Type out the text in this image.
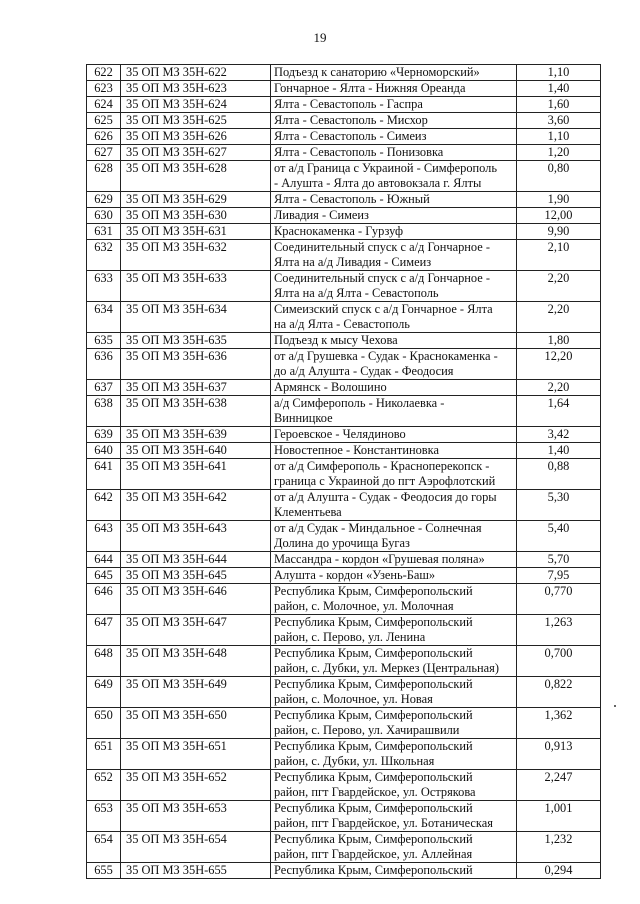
19
622	35 ОП МЗ 35Н-622	Подъезд к санаторию «Черноморский»	1,10
623	35 ОП МЗ 35Н-623	Гончарное - Ялта - Нижняя Ореанда	1,40
624	35 ОП МЗ 35Н-624	Ялта - Севастополь - Гаспра	1,60
625	35 ОП МЗ 35Н-625	Ялта - Севастополь - Мисхор	3,60
626	35 ОП МЗ 35Н-626	Ялта - Севастополь - Симеиз	1,10
627	35 ОП МЗ 35Н-627	Ялта - Севастополь - Понизовка	1,20
628	35 ОП МЗ 35Н-628	от а/д Граница с Украиной - Симферополь
- Алушта - Ялта до автовокзала г. Ялты	0,80
629	35 ОП МЗ 35Н-629	Ялта - Севастополь - Южный	1,90
630	35 ОП МЗ 35Н-630	Ливадия - Симеиз	12,00
631	35 ОП МЗ 35Н-631	Краснокаменка - Гурзуф	9,90
632	35 ОП МЗ 35Н-632	Соединительный спуск с а/д Гончарное -
Ялта на а/д Ливадия - Симеиз	2,10
633	35 ОП МЗ 35Н-633	Соединительный спуск с а/д Гончарное -
Ялта на а/д Ялта - Севастополь	2,20
634	35 ОП МЗ 35Н-634	Симеизский спуск с а/д Гончарное - Ялта
на а/д Ялта - Севастополь	2,20
635	35 ОП МЗ 35Н-635	Подъезд к мысу Чехова	1,80
636	35 ОП МЗ 35Н-636	от а/д Грушевка - Судак - Краснокаменка -
до а/д Алушта - Судак - Феодосия	12,20
637	35 ОП МЗ 35Н-637	Армянск - Волошино	2,20
638	35 ОП МЗ 35Н-638	а/д Симферополь - Николаевка -
Винницкое	1,64
639	35 ОП МЗ 35Н-639	Героевское - Челядиново	3,42
640	35 ОП МЗ 35Н-640	Новостепное - Константиновка	1,40
641	35 ОП МЗ 35Н-641	от а/д Симферополь - Красноперекопск -
граница с Украиной до пгт Аэрофлотский	0,88
642	35 ОП МЗ 35Н-642	от а/д Алушта - Судак - Феодосия до горы
Клементьева	5,30
643	35 ОП МЗ 35Н-643	от а/д Судак - Миндальное - Солнечная
Долина до урочища Бугаз	5,40
644	35 ОП МЗ 35Н-644	Массандра - кордон «Грушевая поляна»	5,70
645	35 ОП МЗ 35Н-645	Алушта - кордон «Узень-Баш»	7,95
646	35 ОП МЗ 35Н-646	Республика Крым, Симферопольский
район, с. Молочное, ул. Молочная	0,770
647	35 ОП МЗ 35Н-647	Республика Крым, Симферопольский
район, с. Перово, ул. Ленина	1,263
648	35 ОП МЗ 35Н-648	Республика Крым, Симферопольский
район, с. Дубки, ул. Меркез (Центральная)	0,700
649	35 ОП МЗ 35Н-649	Республика Крым, Симферопольский
район, с. Молочное, ул. Новая	0,822
650	35 ОП МЗ 35Н-650	Республика Крым, Симферопольский
район, с. Перово, ул. Хачирашвили	1,362
651	35 ОП МЗ 35Н-651	Республика Крым, Симферопольский
район, с. Дубки, ул. Школьная	0,913
652	35 ОП МЗ 35Н-652	Республика Крым, Симферопольский
район, пгт Гвардейское, ул. Острякова	2,247
653	35 ОП МЗ 35Н-653	Республика Крым, Симферопольский
район, пгт Гвардейское, ул. Ботаническая	1,001
654	35 ОП МЗ 35Н-654	Республика Крым, Симферопольский
район, пгт Гвардейское, ул. Аллейная	1,232
655	35 ОП МЗ 35Н-655	Республика Крым, Симферопольский	0,294
